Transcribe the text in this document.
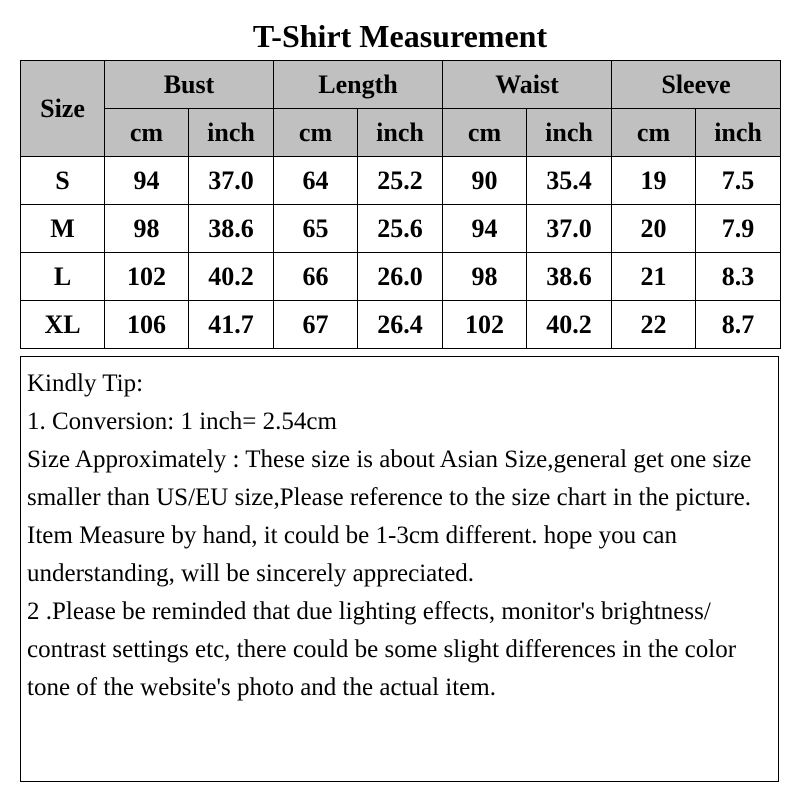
T-Shirt Measurement
Size	Bust		Length		Waist		Sleeve	
	cm	inch	cm	inch	cm	inch	cm	inch
S	94	37.0	64	25.2	90	35.4	19	7.5
M	98	38.6	65	25.6	94	37.0	20	7.9
L	102	40.2	66	26.0	98	38.6	21	8.3
XL	106	41.7	67	26.4	102	40.2	22	8.7

Kindly Tip:

1. Conversion: 1 inch= 2.54cm

Size Approximately : These size is about Asian Size,general get one size smaller than US/EU size,Please reference to the size chart in the picture. Item Measure by hand, it could be 1-3cm different. hope you can understanding, will be sincerely appreciated.

2 .Please be reminded that due lighting effects, monitor's brightness/ contrast settings etc, there could be some slight differences in the color tone of the website's photo and the actual item.
